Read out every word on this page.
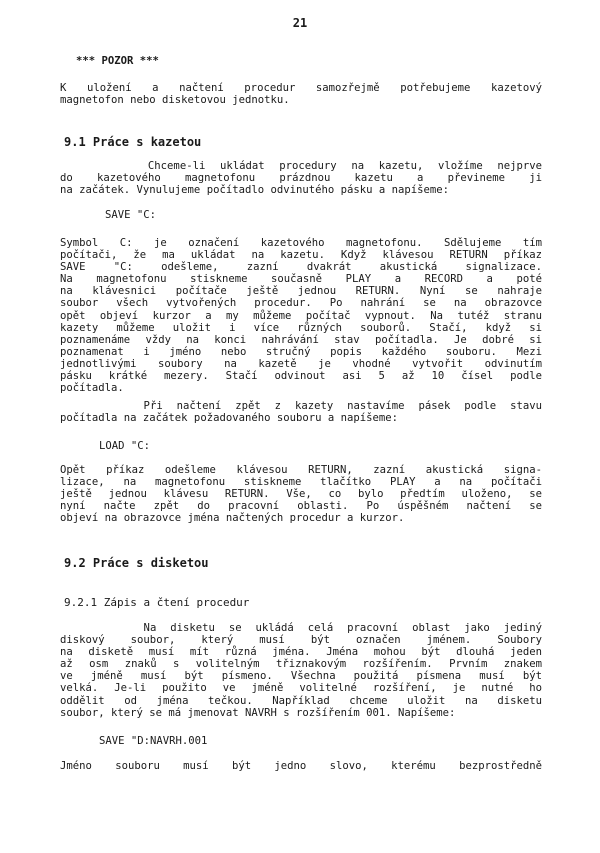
21
*** POZOR ***
K uložení a načtení procedur samozřejmě potřebujeme kazetový
magnetofon nebo disketovou jednotku.
9.1 Práce s kazetou
Chceme-li ukládat procedury na kazetu, vložíme nejprve
do kazetového magnetofonu prázdnou kazetu a převineme ji
na začátek. Vynulujeme počítadlo odvinutého pásku a napíšeme:
SAVE "C:
Symbol C: je označení kazetového magnetofonu. Sdělujeme tím
počítači, že ma ukládat na kazetu. Když klávesou RETURN příkaz
SAVE "C: odešleme, zazní dvakrát akustická signalizace.
Na magnetofonu stiskneme současně PLAY a RECORD a poté
na klávesnici počítače ještě jednou RETURN. Nyní se nahraje
soubor všech vytvořených procedur. Po nahrání se na obrazovce
opět objeví kurzor a my můžeme počítač vypnout. Na tutéž stranu
kazety můžeme uložit i více různých souborů. Stačí, když si
poznamenáme vždy na konci nahrávání stav počítadla. Je dobré si
poznamenat i jméno nebo stručný popis každého souboru. Mezi
jednotlivými soubory na kazetě je vhodné vytvořit odvinutím
pásku krátké mezery. Stačí odvinout asi 5 až 10 čísel podle
počítadla.
Při načtení zpět z kazety nastavíme pásek podle stavu
počítadla na začátek požadovaného souboru a napíšeme:
LOAD "C:
Opět příkaz odešleme klávesou RETURN, zazní akustická signa-
lizace, na magnetofonu stiskneme tlačítko PLAY a na počítači
ještě jednou klávesu RETURN. Vše, co bylo předtím uloženo, se
nyní načte zpět do pracovní oblasti. Po úspěšném načtení se
objeví na obrazovce jména načtených procedur a kurzor.
9.2 Práce s disketou
9.2.1 Zápis a čtení procedur
Na disketu se ukládá celá pracovní oblast jako jediný
diskový soubor, který musí být označen jménem. Soubory
na disketě musí mít různá jména. Jména mohou být dlouhá jeden
až osm znaků s volitelným třiznakovým rozšířením. Prvním znakem
ve jméně musí být písmeno. Všechna použitá písmena musí být
velká. Je-li použito ve jméně volitelné rozšíření, je nutné ho
oddělit od jména tečkou. Například chceme uložit na disketu
soubor, který se má jmenovat NAVRH s rozšířením 001. Napíšeme:
SAVE "D:NAVRH.001
Jméno souboru musí být jedno slovo, kterému bezprostředně
